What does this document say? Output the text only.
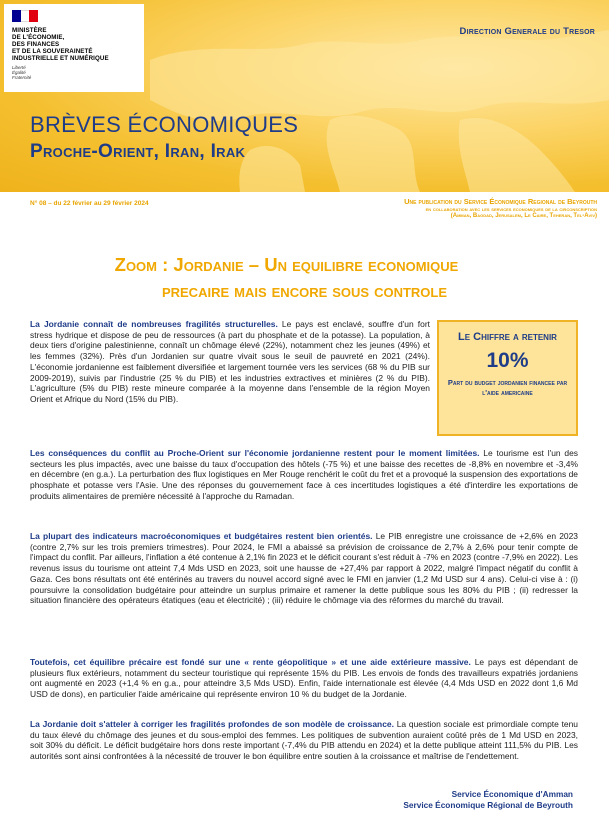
MINISTÈRE
DE L'ÉCONOMIE,
DES FINANCES
ET DE LA SOUVERAINETÉ
INDUSTRIELLE ET NUMÉRIQUE
Liberté
Égalité
Fraternité
Direction Generale du Tresor
BRÈVES ÉCONOMIQUES
Proche-Orient, Iran, Irak
N° 08 – du 22 février au 29 février 2024	Une publication du Service Économique Regional de Beyrouth
en collaboration avec les services economiques de la circonscription
(Amman, Bagdad, Jerusalem, Le Caire, Teheran, Tel-Aviv)
Zoom : Jordanie – Un equilibre economique
precaire mais encore sous controle
La Jordanie connaît de nombreuses fragilités structurelles. Le pays est enclavé, souffre d'un fort stress hydrique et dispose de peu de ressources (à part du phosphate et de la potasse). La population, à deux tiers d'origine palestinienne, connaît un chômage élevé (22%), notamment chez les jeunes (49%) et les femmes (32%). Près d'un Jordanien sur quatre vivait sous le seuil de pauvreté en 2021 (24%). L'économie jordanienne est faiblement diversifiée et largement tournée vers les services (68 % du PIB sur 2009-2019), suivis par l'industrie (25 % du PIB) et les industries extractives et minières (2 % du PIB). L'agriculture (5% du PIB) reste mineure comparée à la moyenne dans l'ensemble de la région Moyen Orient et Afrique du Nord (15% du PIB).
Le Chiffre a retenir
10%
Part du budget jordanien financee par l'aide americaine
Les conséquences du conflit au Proche-Orient sur l'économie jordanienne restent pour le moment limitées. Le tourisme est l'un des secteurs les plus impactés, avec une baisse du taux d'occupation des hôtels (-75 %) et une baisse des recettes de -8,8% en novembre et -3,4% en décembre (en g.a.). La perturbation des flux logistiques en Mer Rouge renchérit le coût du fret et a provoqué la suspension des exportations de phosphate et potasse vers l'Asie. Une des réponses du gouvernement face à ces incertitudes logistiques a été d'interdire les exportations de produits alimentaires de première nécessité à l'approche du Ramadan.
La plupart des indicateurs macroéconomiques et budgétaires restent bien orientés. Le PIB enregistre une croissance de +2,6% en 2023 (contre 2,7% sur les trois premiers trimestres). Pour 2024, le FMI a abaissé sa prévision de croissance de 2,7% à 2,6% pour tenir compte de l'impact du conflit. Par ailleurs, l'inflation a été contenue à 2,1% fin 2023 et le déficit courant s'est réduit à -7% en 2023 (contre -7,9% en 2022). Les revenus issus du tourisme ont atteint 7,4 Mds USD en 2023, soit une hausse de +27,4% par rapport à 2022, malgré l'impact négatif du conflit à Gaza. Ces bons résultats ont été entérinés au travers du nouvel accord signé avec le FMI en janvier (1,2 Md USD sur 4 ans). Celui-ci vise à : (i) poursuivre la consolidation budgétaire pour atteindre un surplus primaire et ramener la dette publique sous les 80% du PIB ; (ii) redresser la situation financière des opérateurs étatiques (eau et électricité) ; (iii) réduire le chômage via des réformes du marché du travail.
Toutefois, cet équilibre précaire est fondé sur une « rente géopolitique » et une aide extérieure massive. Le pays est dépendant de plusieurs flux extérieurs, notamment du secteur touristique qui représente 15% du PIB. Les envois de fonds des travailleurs expatriés jordaniens ont augmenté en 2023 (+1,4 % en g.a., pour atteindre 3,5 Mds USD). Enfin, l'aide internationale est élevée (4,4 Mds USD en 2022 dont 1,6 Md USD de dons), en particulier l'aide américaine qui représente environ 10 % du budget de la Jordanie.
La Jordanie doit s'atteler à corriger les fragilités profondes de son modèle de croissance. La question sociale est primordiale compte tenu du taux élevé du chômage des jeunes et du sous-emploi des femmes. Les politiques de subvention auraient coûté près de 1 Md USD en 2023, soit 30% du déficit. Le déficit budgétaire hors dons reste important (-7,4% du PIB attendu en 2024) et la dette publique atteint 111,5% du PIB. Les autorités sont ainsi confrontées à la nécessité de trouver le bon équilibre entre soutien à la croissance et maîtrise de l'endettement.
Service Économique d'Amman
Service Économique Régional de Beyrouth
